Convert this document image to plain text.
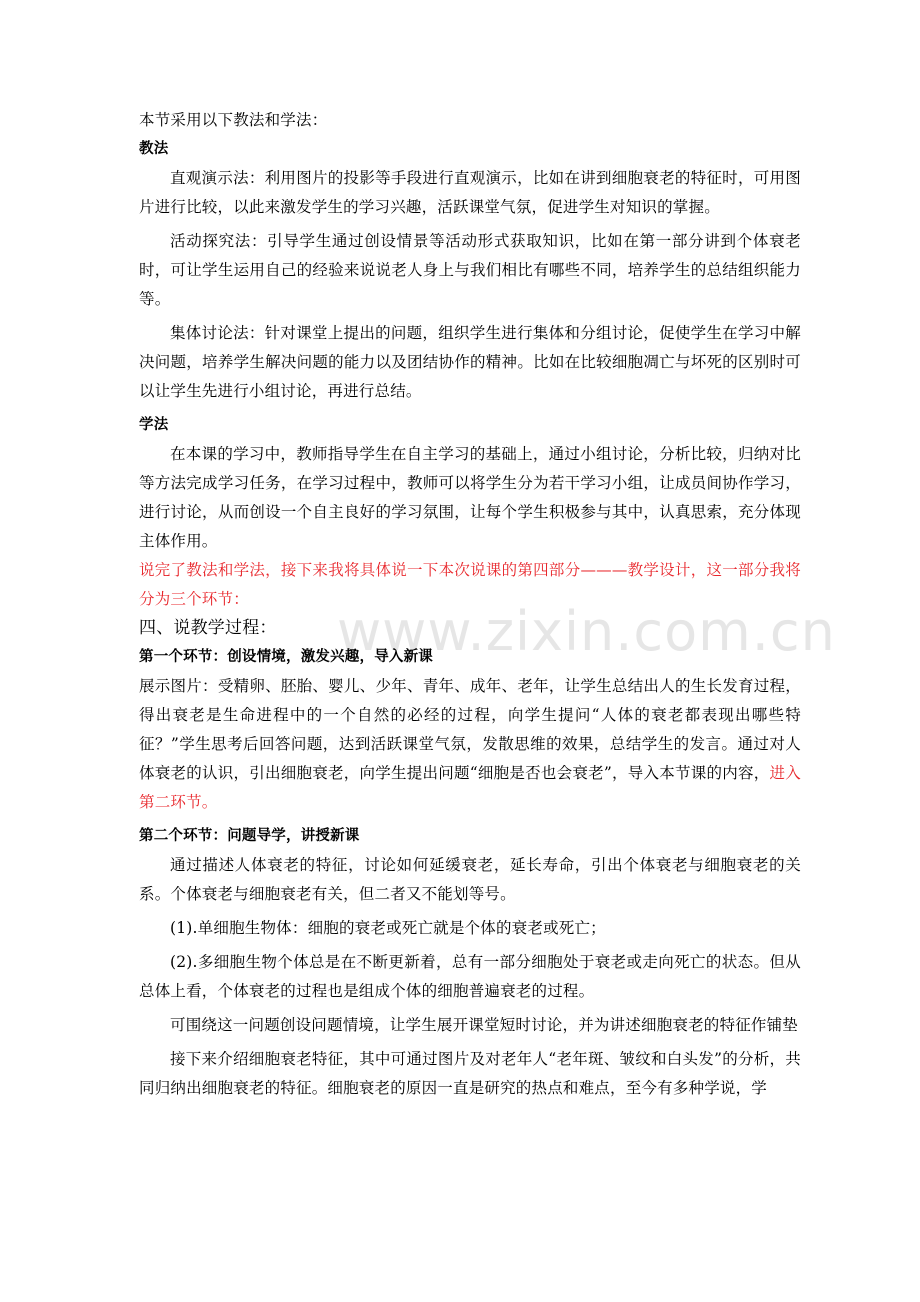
www.zixin.com.cn

本节采用以下教法和学法：

教法

直观演示法：利用图片的投影等手段进行直观演示，比如在讲到细胞衰老的特征时，可用图片进行比较，以此来激发学生的学习兴趣，活跃课堂气氛，促进学生对知识的掌握。

活动探究法：引导学生通过创设情景等活动形式获取知识，比如在第一部分讲到个体衰老时，可让学生运用自己的经验来说说老人身上与我们相比有哪些不同，培养学生的总结组织能力等。

集体讨论法：针对课堂上提出的问题，组织学生进行集体和分组讨论，促使学生在学习中解决问题，培养学生解决问题的能力以及团结协作的精神。比如在比较细胞凋亡与坏死的区别时可以让学生先进行小组讨论，再进行总结。

学法

在本课的学习中，教师指导学生在自主学习的基础上，通过小组讨论，分析比较，归纳对比等方法完成学习任务，在学习过程中，教师可以将学生分为若干学习小组，让成员间协作学习，进行讨论，从而创设一个自主良好的学习氛围，让每个学生积极参与其中，认真思索，充分体现主体作用。

说完了教法和学法，接下来我将具体说一下本次说课的第四部分———教学设计，这一部分我将分为三个环节：

四、说教学过程：

第一个环节：创设情境，激发兴趣，导入新课

展示图片：受精卵、胚胎、婴儿、少年、青年、成年、老年，让学生总结出人的生长发育过程，得出衰老是生命进程中的一个自然的必经的过程，向学生提问“人体的衰老都表现出哪些特征？”学生思考后回答问题，达到活跃课堂气氛，发散思维的效果，总结学生的发言。通过对人体衰老的认识，引出细胞衰老，向学生提出问题“细胞是否也会衰老”，导入本节课的内容，进入第二环节。

第二个环节：问题导学，讲授新课

通过描述人体衰老的特征，讨论如何延缓衰老，延长寿命，引出个体衰老与细胞衰老的关系。个体衰老与细胞衰老有关，但二者又不能划等号。

(1).单细胞生物体：细胞的衰老或死亡就是个体的衰老或死亡；

(2).多细胞生物个体总是在不断更新着，总有一部分细胞处于衰老或走向死亡的状态。但从总体上看，个体衰老的过程也是组成个体的细胞普遍衰老的过程。

可围绕这一问题创设问题情境，让学生展开课堂短时讨论，并为讲述细胞衰老的特征作铺垫

接下来介绍细胞衰老特征，其中可通过图片及对老年人“老年斑、皱纹和白头发”的分析，共同归纳出细胞衰老的特征。细胞衰老的原因一直是研究的热点和难点，至今有多种学说，学
